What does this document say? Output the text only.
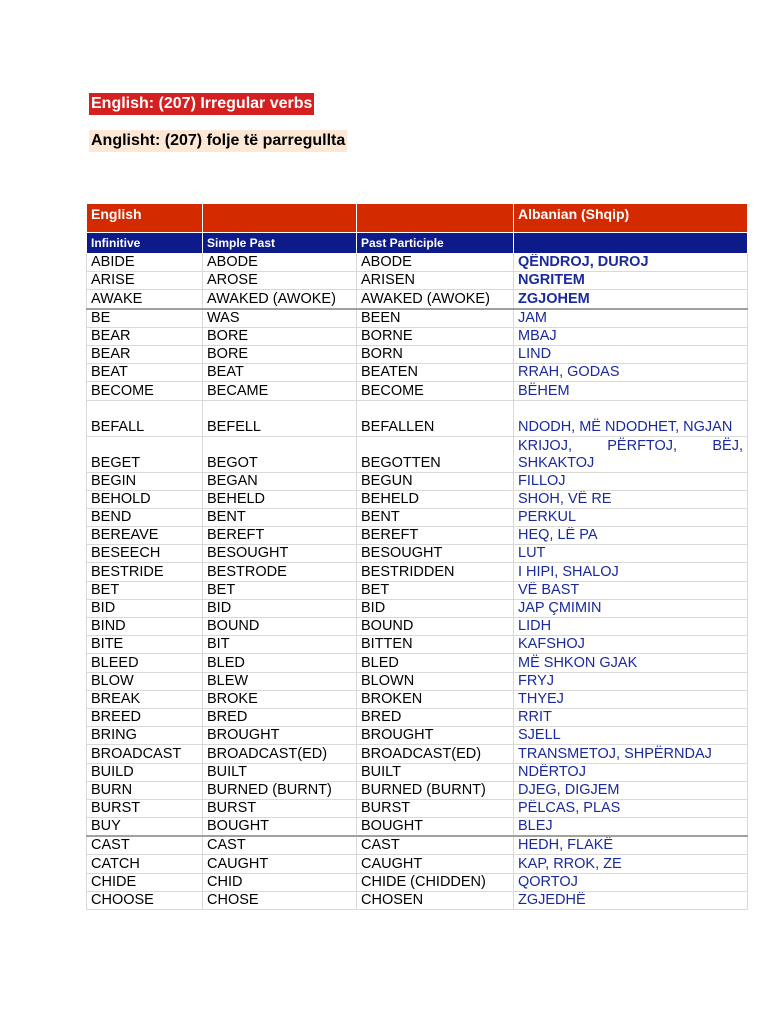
English: (207) Irregular verbs
Anglisht: (207) folje të parregullta
English			Albanian (Shqip)
Infinitive	Simple Past	Past Participle	
ABIDE	ABODE	ABODE	QËNDROJ, DUROJ
ARISE	AROSE	ARISEN	NGRITEM
AWAKE	AWAKED (AWOKE)	AWAKED (AWOKE)	ZGJOHEM
BE	WAS	BEEN	JAM
BEAR	BORE	BORNE	MBAJ
BEAR	BORE	BORN	LIND
BEAT	BEAT	BEATEN	RRAH, GODAS
BECOME	BECAME	BECOME	BËHEM
BEFALL	BEFELL	BEFALLEN	NDODH, MË NDODHET, NGJAN
BEGET	BEGOT	BEGOTTEN	KRIJOJ, PËRFTOJ, BËJ, SHKAKTOJ
BEGIN	BEGAN	BEGUN	FILLOJ
BEHOLD	BEHELD	BEHELD	SHOH, VË RE
BEND	BENT	BENT	PERKUL
BEREAVE	BEREFT	BEREFT	HEQ, LË PA
BESEECH	BESOUGHT	BESOUGHT	LUT
BESTRIDE	BESTRODE	BESTRIDDEN	I HIPI, SHALOJ
BET	BET	BET	VË BAST
BID	BID	BID	JAP ÇMIMIN
BIND	BOUND	BOUND	LIDH
BITE	BIT	BITTEN	KAFSHOJ
BLEED	BLED	BLED	MË SHKON GJAK
BLOW	BLEW	BLOWN	FRYJ
BREAK	BROKE	BROKEN	THYEJ
BREED	BRED	BRED	RRIT
BRING	BROUGHT	BROUGHT	SJELL
BROADCAST	BROADCAST(ED)	BROADCAST(ED)	TRANSMETOJ, SHPËRNDAJ
BUILD	BUILT	BUILT	NDËRTOJ
BURN	BURNED (BURNT)	BURNED (BURNT)	DJEG, DIGJEM
BURST	BURST	BURST	PËLCAS, PLAS
BUY	BOUGHT	BOUGHT	BLEJ
CAST	CAST	CAST	HEDH, FLAKË
CATCH	CAUGHT	CAUGHT	KAP, RROK, ZE
CHIDE	CHID	CHIDE (CHIDDEN)	QORTOJ
CHOOSE	CHOSE	CHOSEN	ZGJEDHË
